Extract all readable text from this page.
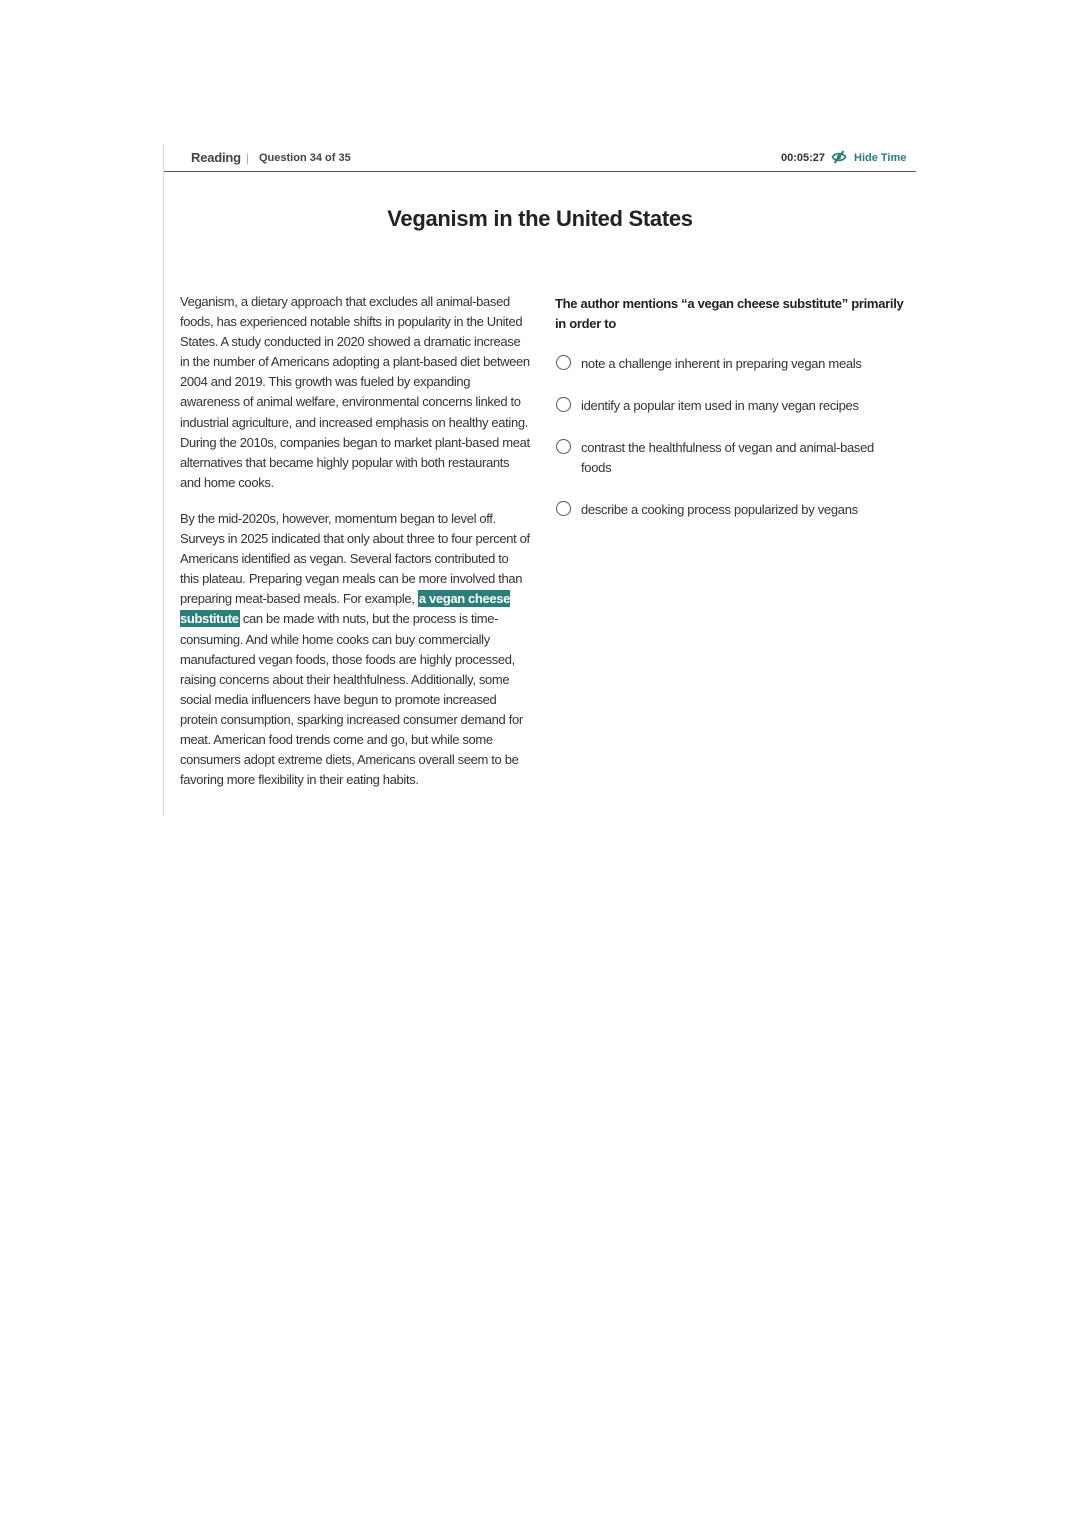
Reading | Question 34 of 35	00:05:27	Hide Time
Veganism in the United States

Veganism, a dietary approach that excludes all animal-based foods, has experienced notable shifts in popularity in the United States. A study conducted in 2020 showed a dramatic increase in the number of Americans adopting a plant-based diet between 2004 and 2019. This growth was fueled by expanding awareness of animal welfare, environmental concerns linked to industrial agriculture, and increased emphasis on healthy eating. During the 2010s, companies began to market plant-based meat alternatives that became highly popular with both restaurants and home cooks.

By the mid-2020s, however, momentum began to level off. Surveys in 2025 indicated that only about three to four percent of Americans identified as vegan. Several factors contributed to this plateau. Preparing vegan meals can be more involved than preparing meat-based meals. For example, a vegan cheese substitute can be made with nuts, but the process is time-consuming. And while home cooks can buy commercially manufactured vegan foods, those foods are highly processed, raising concerns about their healthfulness. Additionally, some social media influencers have begun to promote increased protein consumption, sparking increased consumer demand for meat. American food trends come and go, but while some consumers adopt extreme diets, Americans overall seem to be favoring more flexibility in their eating habits.

The author mentions “a vegan cheese substitute” primarily in order to
note a challenge inherent in preparing vegan meals
identify a popular item used in many vegan recipes
contrast the healthfulness of vegan and animal-based foods
describe a cooking process popularized by vegans
